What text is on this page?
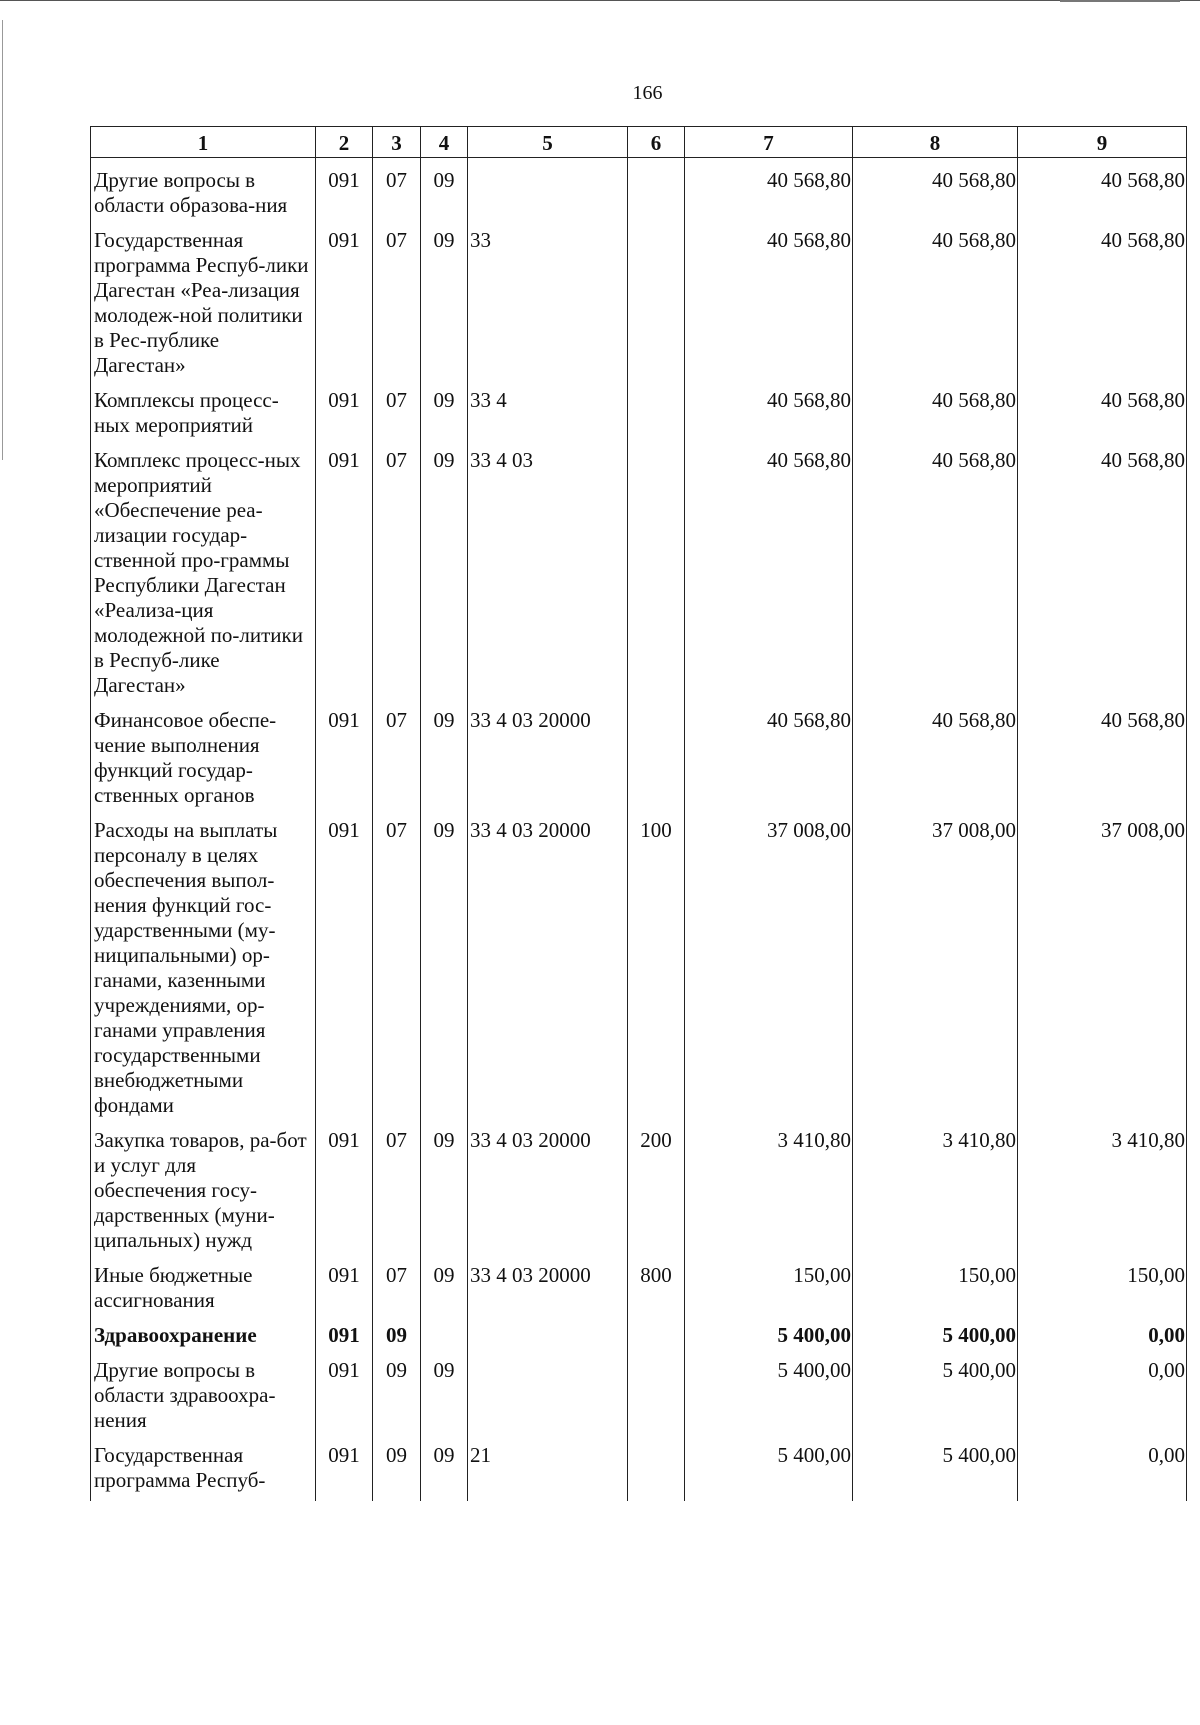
166
1	2	3	4	5	6	7	8	9
Другие вопросы в области образова-ния	091	07	09			40 568,80	40 568,80	40 568,80
Государственная программа Респуб-лики Дагестан «Реа-лизация молодеж-ной политики в Рес-публике Дагестан»	091	07	09	33		40 568,80	40 568,80	40 568,80
Комплексы процесс-ных мероприятий	091	07	09	33 4		40 568,80	40 568,80	40 568,80
Комплекс процесс-ных мероприятий «Обеспечение реа-лизации государ-ственной про-граммы Республики Дагестан «Реализа-ция молодежной по-литики в Респуб-лике Дагестан»	091	07	09	33 4 03		40 568,80	40 568,80	40 568,80
Финансовое обеспе-чение выполнения функций государ-ственных органов	091	07	09	33 4 03 20000		40 568,80	40 568,80	40 568,80
Расходы на выплаты персоналу в целях обеспечения выпол-нения функций гос-ударственными (му-ниципальными) ор-ганами, казенными учреждениями, ор-ганами управления государственными внебюджетными фондами	091	07	09	33 4 03 20000	100	37 008,00	37 008,00	37 008,00
Закупка товаров, ра-бот и услуг для обеспечения госу-дарственных (муни-ципальных) нужд	091	07	09	33 4 03 20000	200	3 410,80	3 410,80	3 410,80
Иные бюджетные ассигнования	091	07	09	33 4 03 20000	800	150,00	150,00	150,00
Здравоохранение	091	09				5 400,00	5 400,00	0,00
Другие вопросы в области здравоохра-нения	091	09	09			5 400,00	5 400,00	0,00
Государственная программа Респуб-	091	09	09	21		5 400,00	5 400,00	0,00
